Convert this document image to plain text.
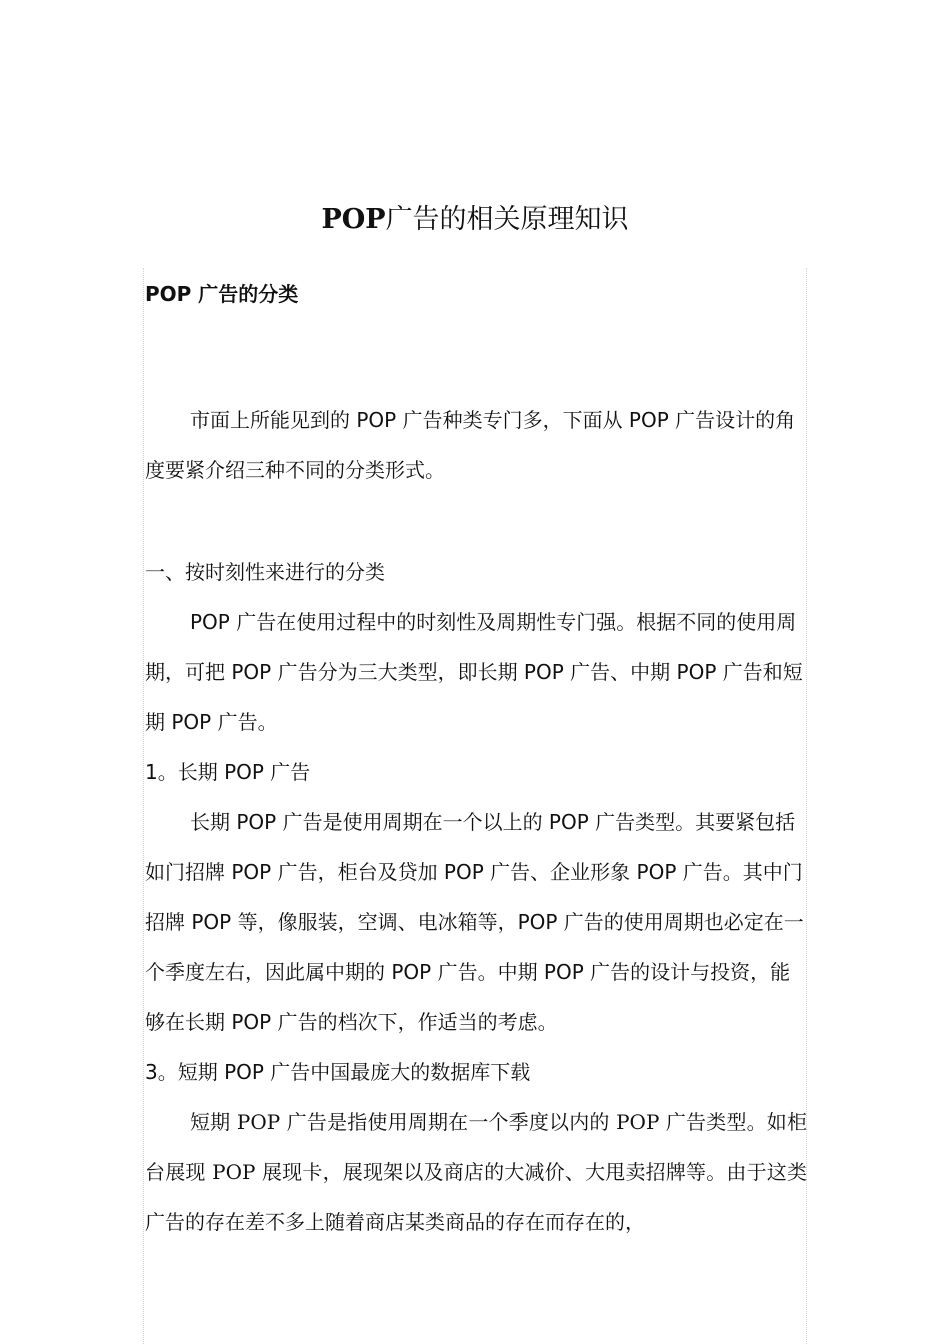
POP广告的相关原理知识

POP 广告的分类

市面上所能见到的 POP 广告种类专门多，下面从 POP 广告设计的角度要紧介绍三种不同的分类形式。

一、按时刻性来进行的分类

POP 广告在使用过程中的时刻性及周期性专门强。根据不同的使用周期，可把 POP 广告分为三大类型，即长期 POP 广告、中期 POP 广告和短期 POP 广告。

1。长期 POP 广告

长期 POP 广告是使用周期在一个以上的 POP 广告类型。其要紧包括如门招牌 POP 广告，柜台及贷加 POP 广告、企业形象 POP 广告。其中门招牌 POP 等，像服装，空调、电冰箱等，POP 广告的使用周期也必定在一个季度左右，因此属中期的 POP 广告。中期 POP 广告的设计与投资，能够在长期 POP 广告的档次下，作适当的考虑。

3。短期 POP 广告中国最庞大的数据库下载

短期 POP 广告是指使用周期在一个季度以内的 POP 广告类型。如柜台展现 POP 展现卡，展现架以及商店的大减价、大甩卖招牌等。由于这类广告的存在差不多上随着商店某类商品的存在而存在的，
